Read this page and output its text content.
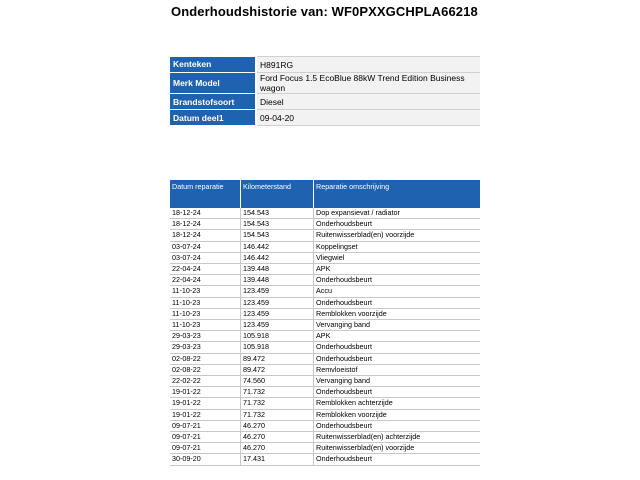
Onderhoudshistorie van: WF0PXXGCHPLA66218
Kenteken	H891RG
Merk Model	Ford Focus 1.5 EcoBlue 88kW Trend Edition Business wagon
Brandstofsoort	Diesel
Datum deel1	09-04-20
Datum reparatie	Kilometerstand	Reparatie omschrijving
18-12-24	154.543	Dop expansievat / radiator
18-12-24	154.543	Onderhoudsbeurt
18-12-24	154.543	Ruitenwisserblad(en) voorzijde
03-07-24	146.442	Koppelingset
03-07-24	146.442	Vliegwiel
22-04-24	139.448	APK
22-04-24	139.448	Onderhoudsbeurt
11-10-23	123.459	Accu
11-10-23	123.459	Onderhoudsbeurt
11-10-23	123.459	Remblokken voorzijde
11-10-23	123.459	Vervanging band
29-03-23	105.918	APK
29-03-23	105.918	Onderhoudsbeurt
02-08-22	89.472	Onderhoudsbeurt
02-08-22	89.472	Remvloeistof
22-02-22	74.560	Vervanging band
19-01-22	71.732	Onderhoudsbeurt
19-01-22	71.732	Remblokken achterzijde
19-01-22	71.732	Remblokken voorzijde
09-07-21	46.270	Onderhoudsbeurt
09-07-21	46.270	Ruitenwisserblad(en) achterzijde
09-07-21	46.270	Ruitenwisserblad(en) voorzijde
30-09-20	17.431	Onderhoudsbeurt
